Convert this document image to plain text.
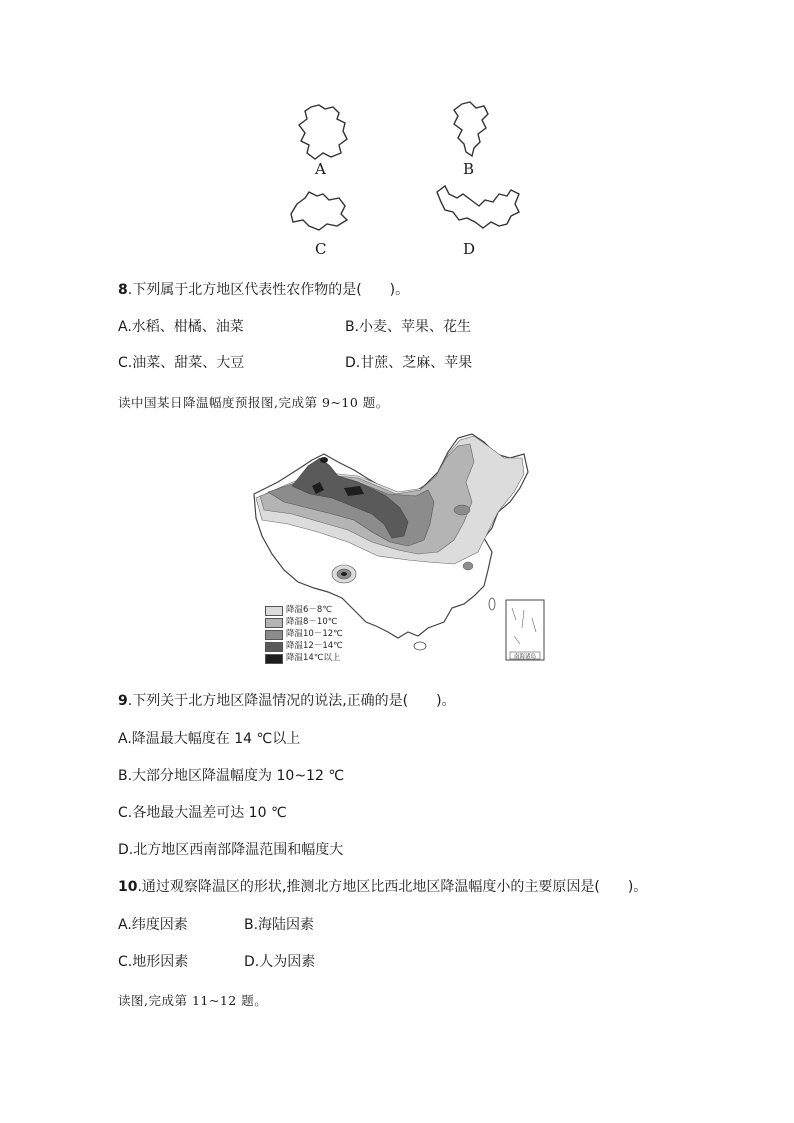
A	B
C	D
8.下列属于北方地区代表性农作物的是(　　)。
A.水稻、柑橘、油菜	B.小麦、苹果、花生
C.油菜、甜菜、大豆	D.甘蔗、芝麻、苹果
读中国某日降温幅度预报图,完成第 9~10 题。
南海诸岛
降温6－8℃
降温8－10℃
降温10－12℃
降温12－14℃
降温14℃以上
9.下列关于北方地区降温情况的说法,正确的是(　　)。
A.降温最大幅度在 14 ℃以上
B.大部分地区降温幅度为 10~12 ℃
C.各地最大温差可达 10 ℃
D.北方地区西南部降温范围和幅度大
10.通过观察降温区的形状,推测北方地区比西北地区降温幅度小的主要原因是(　　)。
A.纬度因素	B.海陆因素
C.地形因素	D.人为因素
读图,完成第 11~12 题。
